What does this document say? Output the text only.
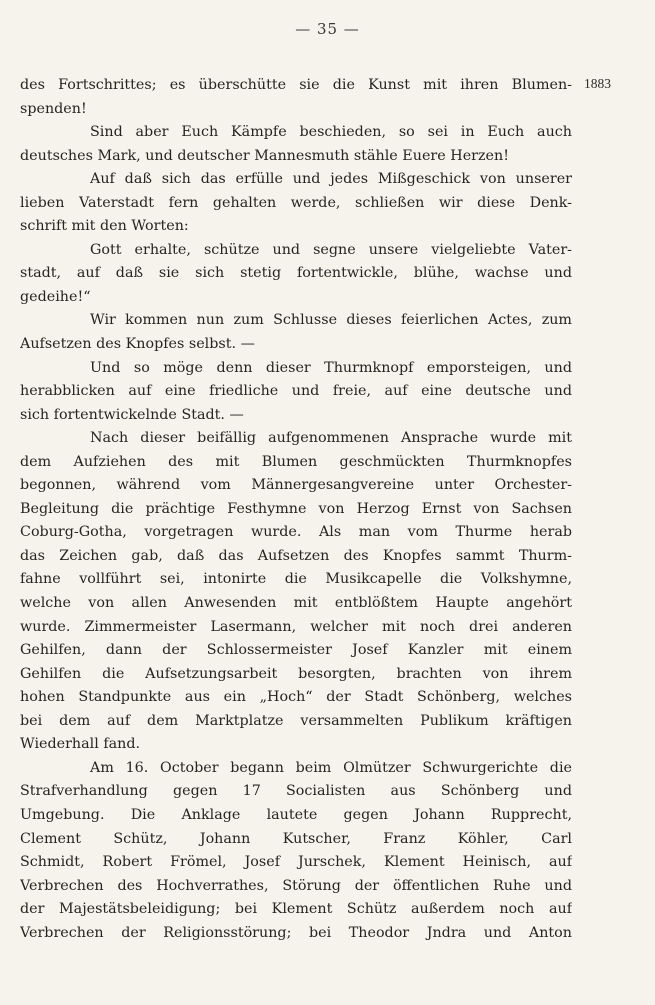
— 35 —
1883
des Fortschrittes; es überschütte sie die Kunst mit ihren Blumen-
spenden!
Sind aber Euch Kämpfe beschieden, so sei in Euch auch
deutsches Mark, und deutscher Mannesmuth stähle Euere Herzen!
Auf daß sich das erfülle und jedes Mißgeschick von unserer
lieben Vaterstadt fern gehalten werde, schließen wir diese Denk-
schrift mit den Worten:
Gott erhalte, schütze und segne unsere vielgeliebte Vater-
stadt, auf daß sie sich stetig fortentwickle, blühe, wachse und
gedeihe!“
Wir kommen nun zum Schlusse dieses feierlichen Actes, zum
Aufsetzen des Knopfes selbst. —
Und so möge denn dieser Thurmknopf emporsteigen, und
herabblicken auf eine friedliche und freie, auf eine deutsche und
sich fortentwickelnde Stadt. —
Nach dieser beifällig aufgenommenen Ansprache wurde mit
dem Aufziehen des mit Blumen geschmückten Thurmknopfes
begonnen, während vom Männergesangvereine unter Orchester-
Begleitung die prächtige Festhymne von Herzog Ernst von Sachsen
Coburg-Gotha, vorgetragen wurde. Als man vom Thurme herab
das Zeichen gab, daß das Aufsetzen des Knopfes sammt Thurm-
fahne vollführt sei, intonirte die Musikcapelle die Volkshymne,
welche von allen Anwesenden mit entblößtem Haupte angehört
wurde. Zimmermeister Lasermann, welcher mit noch drei anderen
Gehilfen, dann der Schlossermeister Josef Kanzler mit einem
Gehilfen die Aufsetzungsarbeit besorgten, brachten von ihrem
hohen Standpunkte aus ein „Hoch“ der Stadt Schönberg, welches
bei dem auf dem Marktplatze versammelten Publikum kräftigen
Wiederhall fand.
Am 16. October begann beim Olmützer Schwurgerichte die
Strafverhandlung gegen 17 Socialisten aus Schönberg und
Umgebung. Die Anklage lautete gegen Johann Rupprecht,
Clement Schütz, Johann Kutscher, Franz Köhler, Carl
Schmidt, Robert Frömel, Josef Jurschek, Klement Heinisch, auf
Verbrechen des Hochverrathes, Störung der öffentlichen Ruhe und
der Majestätsbeleidigung; bei Klement Schütz außerdem noch auf
Verbrechen der Religionsstörung; bei Theodor Jndra und Anton
